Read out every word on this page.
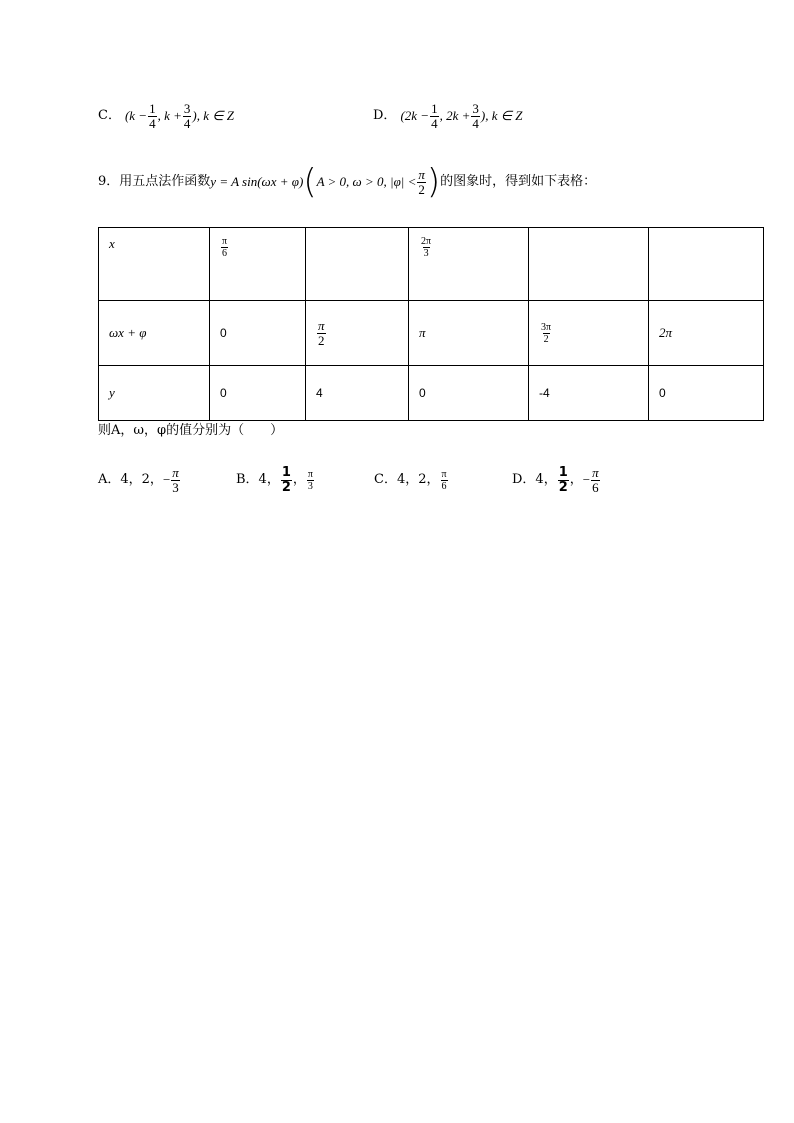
C． ($k - \frac{1}{4}$ , $k + \frac{3}{4}$ ), k ∈ Z	D． ($2k - \frac{1}{4}$ , $2k + \frac{3}{4}$ ), k ∈ Z
9． 用五点法作函数 y = A sin(ωx + φ) ( A > 0, ω > 0, $|\varphi| < \frac{\pi}{2}$ ) 的图象时，得到如下表格：
x	$\frac{\pi}{6}$		$\frac{2\pi}{3}$

ωx + φ	0	$\frac{\pi}{2}$	π	$\frac{3\pi}{2}$	2π
y	0	4	0	-4	0
则A，ω，φ的值分别为（　　）
A．4，2， − $\frac{\pi}{3}$	B．4， $\frac{1}{2}$ ， $\frac{\pi}{3}$	C．4，2， $\frac{\pi}{6}$	D．4， $\frac{1}{2}$ ， − $\frac{\pi}{6}$
